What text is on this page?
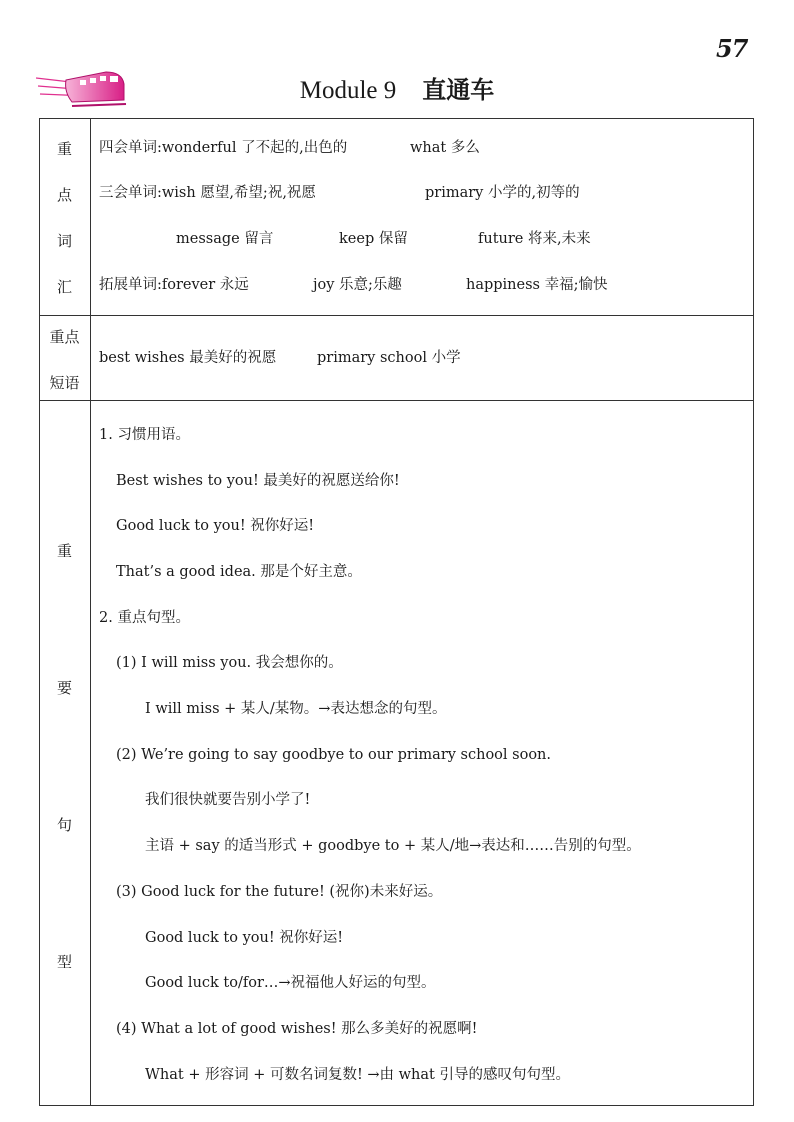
57
Module 9 直通车
重
点
词
汇
四会单词:wonderful 了不起的,出色的	what 多么
三会单词:wish 愿望,希望;祝,祝愿	primary 小学的,初等的
message 留言	keep 保留	future 将来,未来
拓展单词:forever 永远	joy 乐意;乐趣	happiness 幸福;愉快
重点
短语
best wishes 最美好的祝愿	primary school 小学
重
要
句
型
1. 习惯用语。
Best wishes to you! 最美好的祝愿送给你!
Good luck to you! 祝你好运!
That’s a good idea. 那是个好主意。
2. 重点句型。
(1) I will miss you. 我会想你的。
I will miss + 某人/某物。→表达想念的句型。
(2) We’re going to say goodbye to our primary school soon.
我们很快就要告别小学了!
主语 + say 的适当形式 + goodbye to + 某人/地→表达和……告别的句型。
(3) Good luck for the future! (祝你)未来好运。
Good luck to you! 祝你好运!
Good luck to/for…→祝福他人好运的句型。
(4) What a lot of good wishes! 那么多美好的祝愿啊!
What + 形容词 + 可数名词复数! →由 what 引导的感叹句句型。
